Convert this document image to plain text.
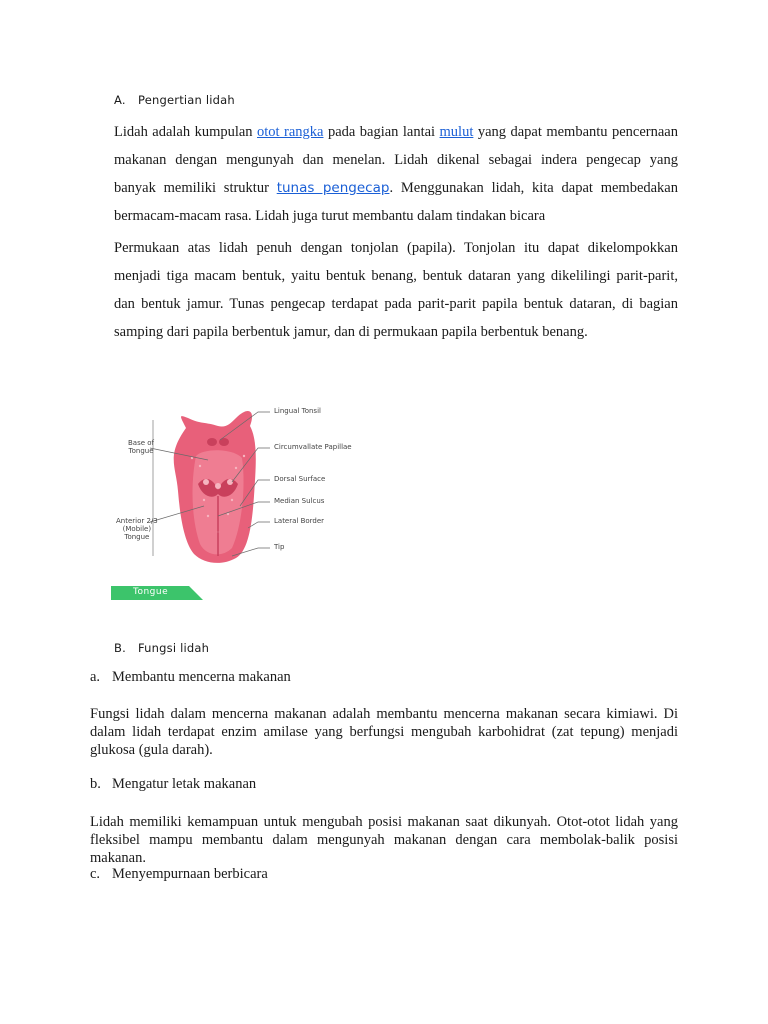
A. Pengertian lidah

Lidah adalah kumpulan otot rangka pada bagian lantai mulut yang dapat membantu pencernaan
makanan dengan mengunyah dan menelan. Lidah dikenal sebagai indera pengecap yang
banyak memiliki struktur tunas pengecap. Menggunakan lidah, kita dapat membedakan
bermacam-macam rasa. Lidah juga turut membantu dalam tindakan bicara

Permukaan atas lidah penuh dengan tonjolan (papila). Tonjolan itu dapat dikelompokkan
menjadi tiga macam bentuk, yaitu bentuk benang, bentuk dataran yang dikelilingi parit-parit,
dan bentuk jamur. Tunas pengecap terdapat pada parit-parit papila bentuk dataran, di bagian
samping dari papila berbentuk jamur, dan di permukaan papila berbentuk benang.

Base of
Tongue
Anterior 2/3
(Mobile)
Tongue
Lingual Tonsil
Circumvallate Papillae
Dorsal Surface
Median Sulcus
Lateral Border
Tip
Tongue
B. Fungsi lidah
a. Membantu mencerna makanan

Fungsi lidah dalam mencerna makanan adalah membantu mencerna makanan secara kimiawi. Di
dalam lidah terdapat enzim amilase yang berfungsi mengubah karbohidrat (zat tepung) menjadi
glukosa (gula darah).

b. Mengatur letak makanan

Lidah memiliki kemampuan untuk mengubah posisi makanan saat dikunyah. Otot-otot lidah yang
fleksibel mampu membantu dalam mengunyah makanan dengan cara membolak-balik posisi makanan.

c. Menyempurnaan berbicara
